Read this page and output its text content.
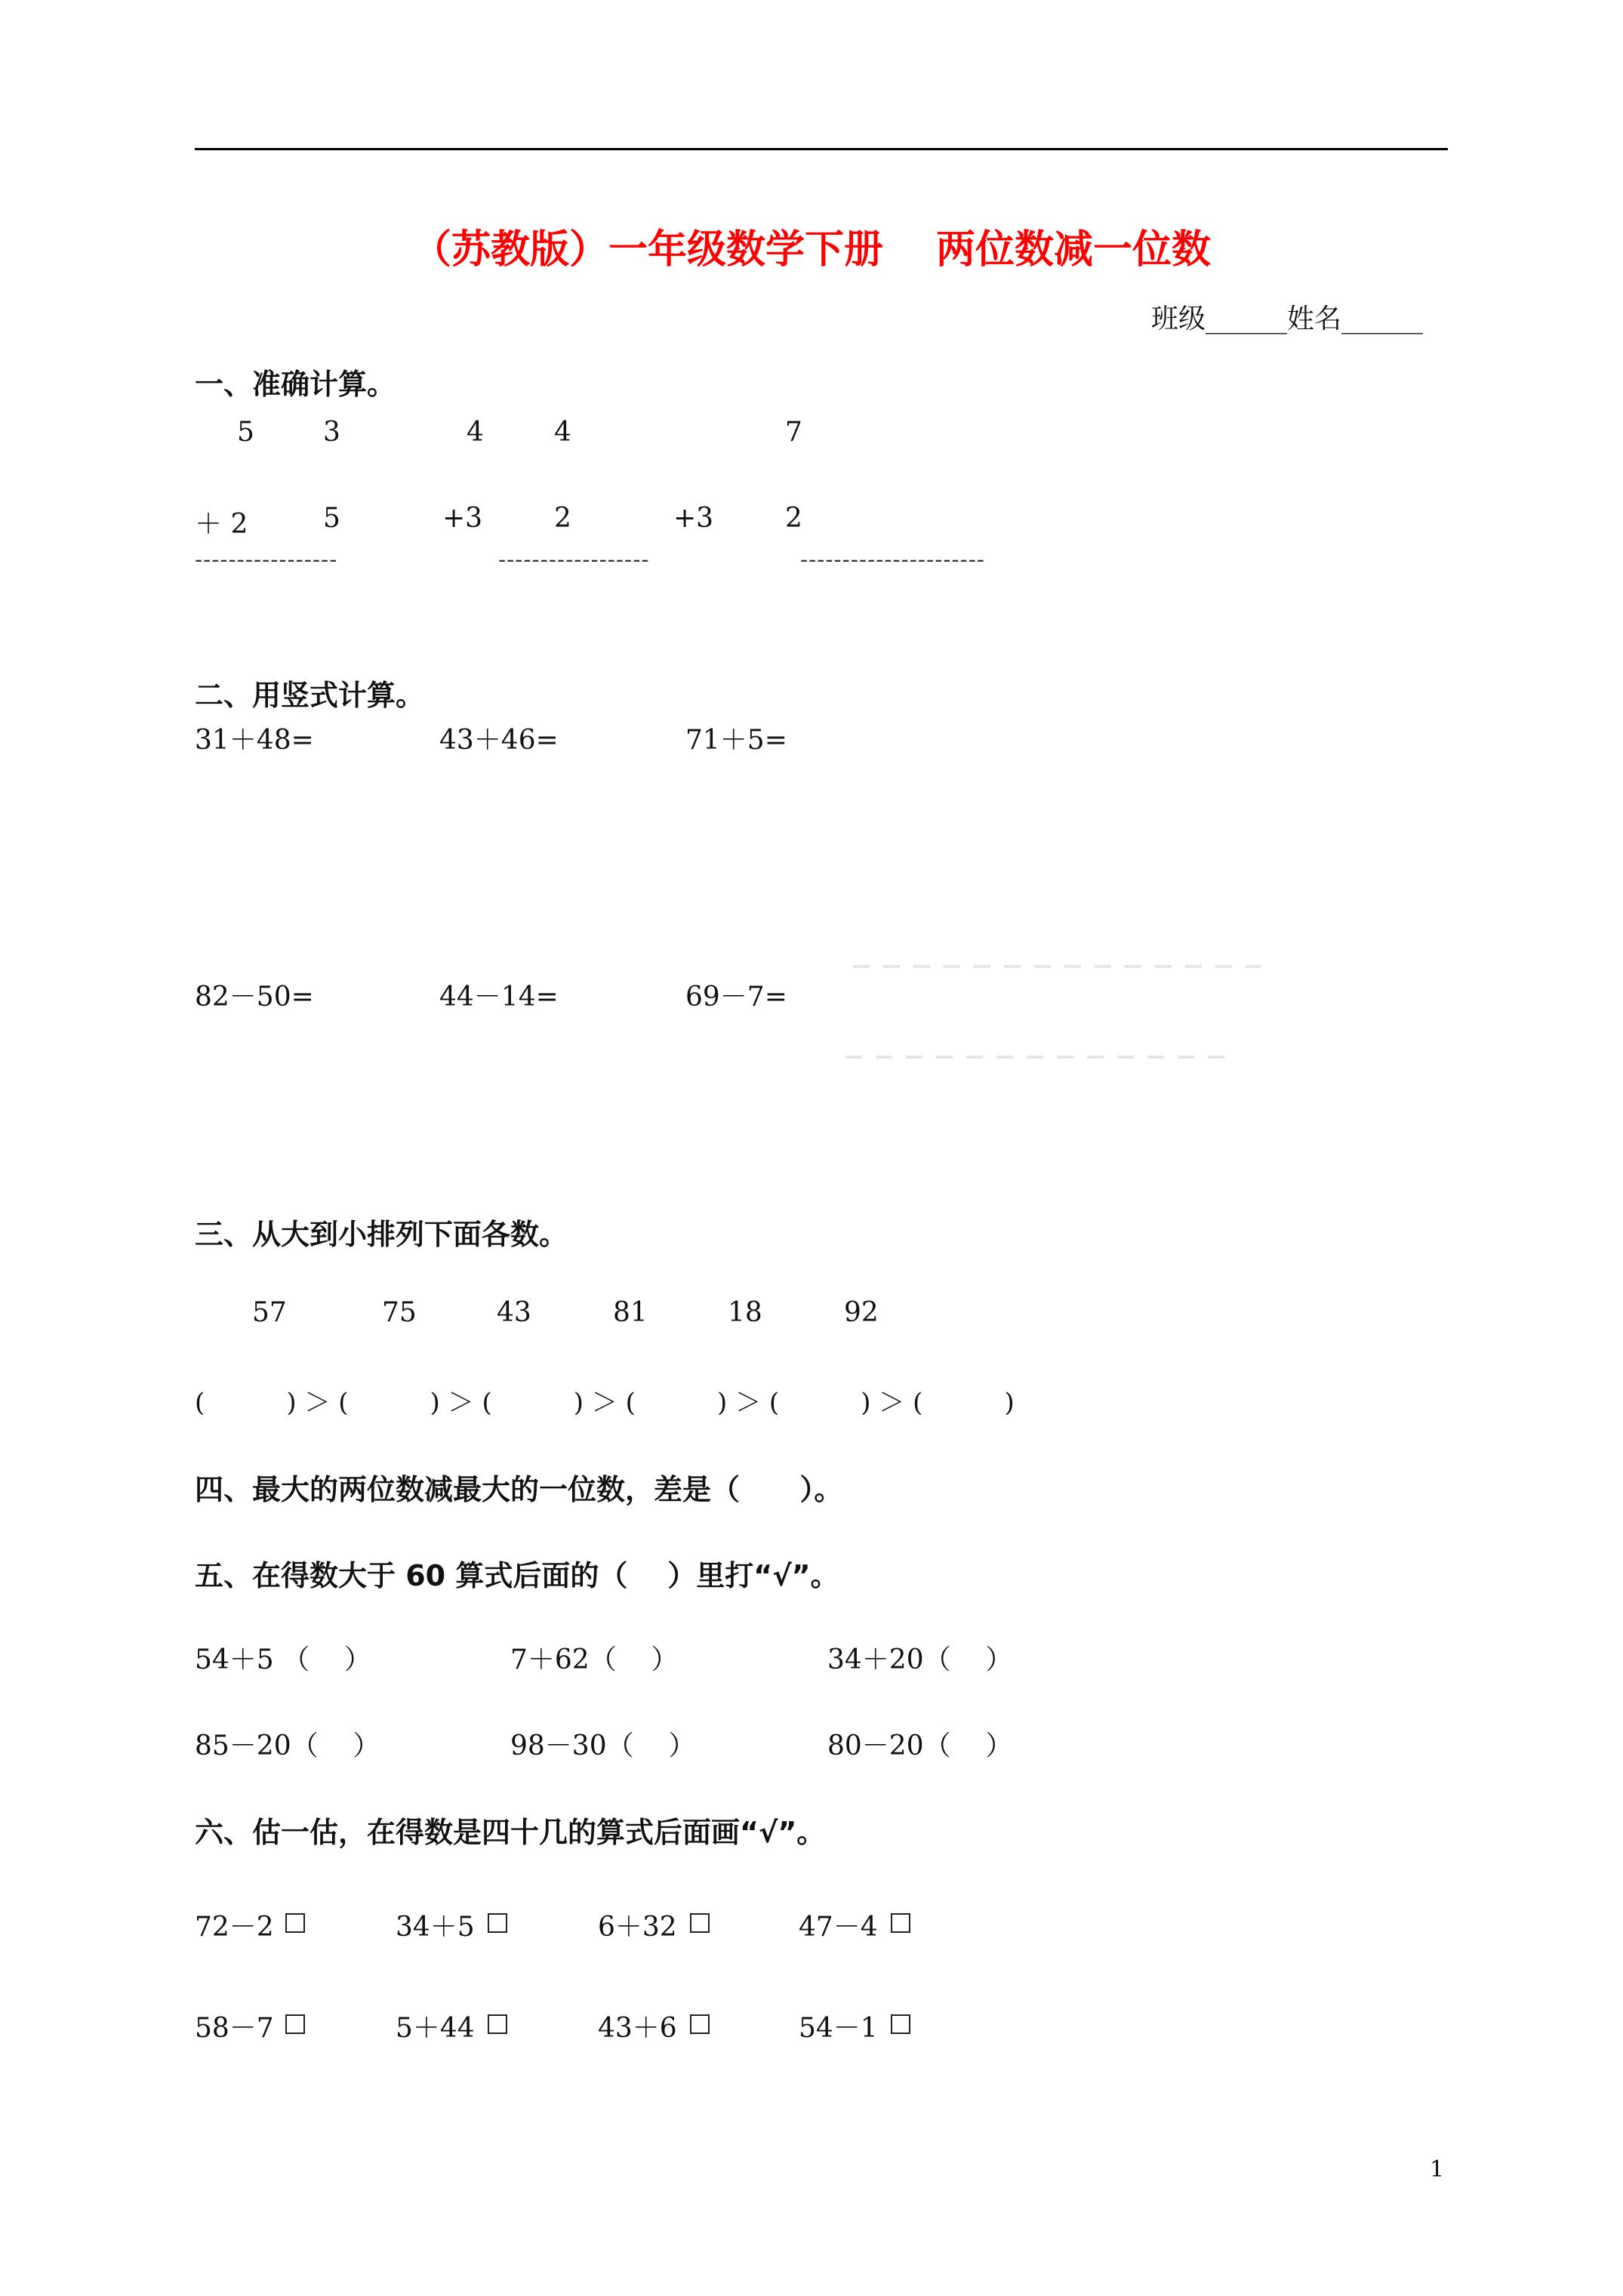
（苏教版）一年级数学下册 两位数减一位数
班级______姓名______
一、准确计算。
5	3	4	4	7
＋ 2	5	+3	2	+3	2
-----------------	------------------	----------------------
二、用竖式计算。
31＋48=	43＋46=	71＋5=
82－50=	44－14=	69－7=
三、从大到小排列下面各数。
57	75	43	81	18	92
(          ) ＞ (          ) ＞ (          ) ＞ (          ) ＞ (          ) ＞ (          )
四、最大的两位数减最大的一位数，差是（      ）。
五、在得数大于 60 算式后面的（    ）里打“√”。
54＋5 （    ）	7＋62（    ）	34＋20（    ）
85－20（    ）	98－30（    ）	80－20（    ）
六、估一估，在得数是四十几的算式后面画“√”。
72－2	34＋5	6＋32	47－4
58－7	5＋44	43＋6	54－1
1
